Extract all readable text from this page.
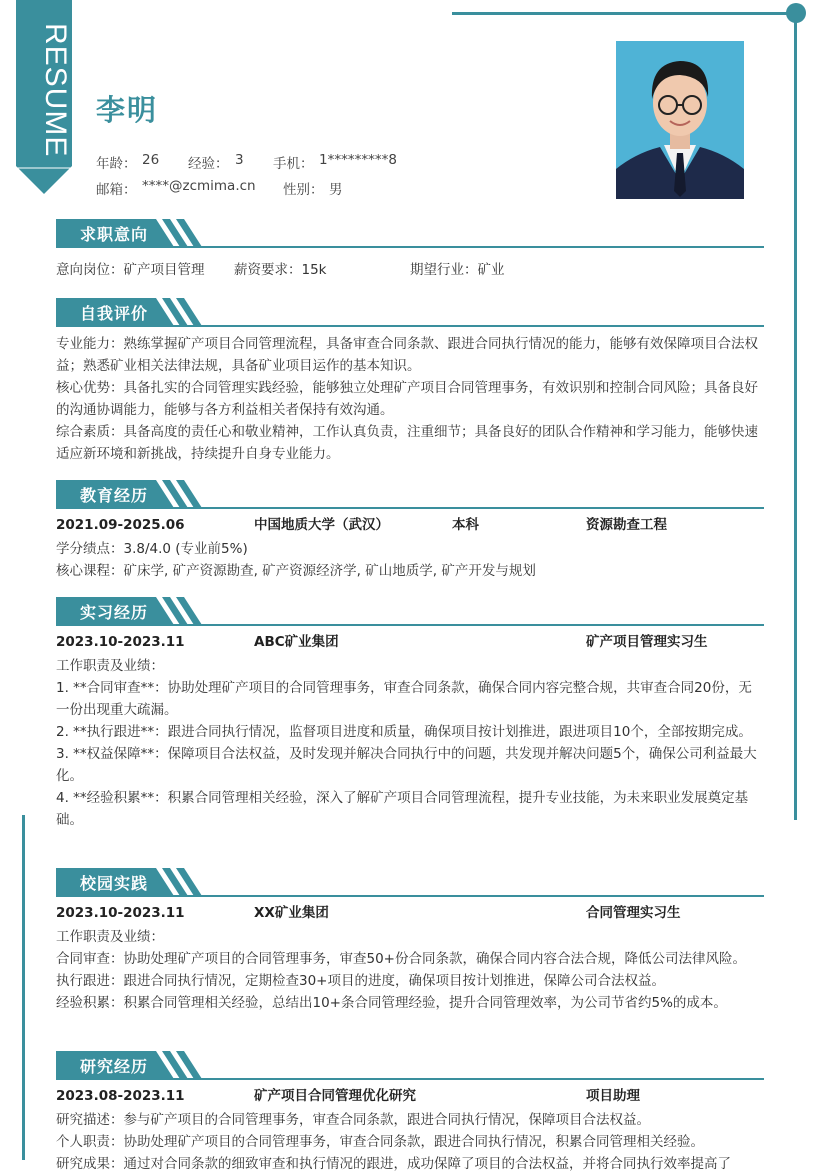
RESUME 李明
年龄： 26 经验： 3 手机： 1*********8
邮箱： ****@zcmima.cn 性别： 男
求职意向
意向岗位：矿产项目管理 薪资要求：15k	期望行业：矿业
自我评价
专业能力：熟练掌握矿产项目合同管理流程，具备审查合同条款、跟进合同执行情况的能力，能够有效保障项目合法权益；熟悉矿业相关法律法规，具备矿业项目运作的基本知识。
核心优势：具备扎实的合同管理实践经验，能够独立处理矿产项目合同管理事务，有效识别和控制合同风险；具备良好的沟通协调能力，能够与各方利益相关者保持有效沟通。
综合素质：具备高度的责任心和敬业精神，工作认真负责，注重细节；具备良好的团队合作精神和学习能力，能够快速适应新环境和新挑战，持续提升自身专业能力。
教育经历
2021.09-2025.06	中国地质大学（武汉）	本科	资源勘查工程
学分绩点：3.8/4.0 (专业前5%)
核心课程：矿床学, 矿产资源勘查, 矿产资源经济学, 矿山地质学, 矿产开发与规划
实习经历
2023.10-2023.11	ABC矿业集团	矿产项目管理实习生
工作职责及业绩：
1. **合同审查**：协助处理矿产项目的合同管理事务，审查合同条款，确保合同内容完整合规，共审查合同20份，无一份出现重大疏漏。
2. **执行跟进**：跟进合同执行情况，监督项目进度和质量，确保项目按计划推进，跟进项目10个，全部按期完成。
3. **权益保障**：保障项目合法权益，及时发现并解决合同执行中的问题，共发现并解决问题5个，确保公司利益最大化。
4. **经验积累**：积累合同管理相关经验，深入了解矿产项目合同管理流程，提升专业技能，为未来职业发展奠定基础。
校园实践
2023.10-2023.11	XX矿业集团	合同管理实习生
工作职责及业绩：
合同审查：协助处理矿产项目的合同管理事务，审查50+份合同条款，确保合同内容合法合规，降低公司法律风险。
执行跟进：跟进合同执行情况，定期检查30+项目的进度，确保项目按计划推进，保障公司合法权益。
经验积累：积累合同管理相关经验，总结出10+条合同管理经验，提升合同管理效率，为公司节省约5%的成本。
研究经历
2023.08-2023.11	矿产项目合同管理优化研究	项目助理
研究描述：参与矿产项目的合同管理事务，审查合同条款，跟进合同执行情况，保障项目合法权益。
个人职责：协助处理矿产项目的合同管理事务，审查合同条款，跟进合同执行情况，积累合同管理相关经验。
研究成果：通过对合同条款的细致审查和执行情况的跟进，成功保障了项目的合法权益，并将合同执行效率提高了
